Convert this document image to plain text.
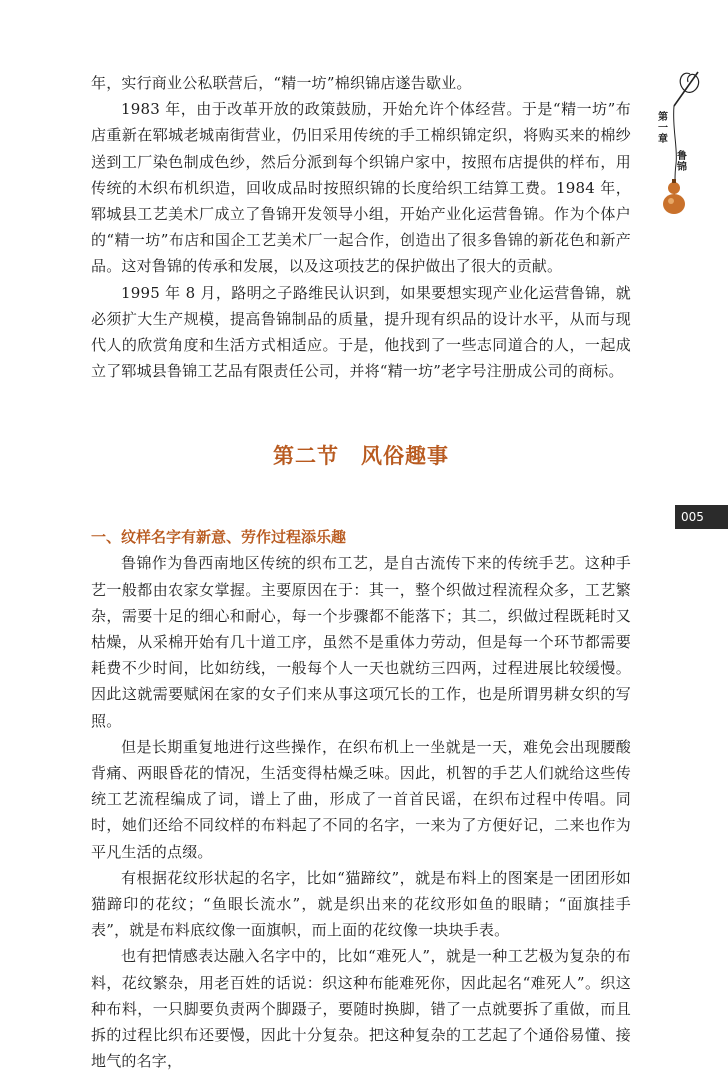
第一章
鲁锦
005

年，实行商业公私联营后，“精一坊”棉织锦店遂告歇业。

1983 年，由于改革开放的政策鼓励，开始允许个体经营。于是“精一坊”布店重新在郓城老城南街营业，仍旧采用传统的手工棉织锦定织，将购买来的棉纱送到工厂染色制成色纱，然后分派到每个织锦户家中，按照布店提供的样布，用传统的木织布机织造，回收成品时按照织锦的长度给织工结算工费。1984 年，郓城县工艺美术厂成立了鲁锦开发领导小组，开始产业化运营鲁锦。作为个体户的“精一坊”布店和国企工艺美术厂一起合作，创造出了很多鲁锦的新花色和新产品。这对鲁锦的传承和发展，以及这项技艺的保护做出了很大的贡献。

1995 年 8 月，路明之子路维民认识到，如果要想实现产业化运营鲁锦，就必须扩大生产规模，提高鲁锦制品的质量，提升现有织品的设计水平，从而与现代人的欣赏角度和生活方式相适应。于是，他找到了一些志同道合的人，一起成立了郓城县鲁锦工艺品有限责任公司，并将“精一坊”老字号注册成公司的商标。

第二节　风俗趣事

一、纹样名字有新意、劳作过程添乐趣

鲁锦作为鲁西南地区传统的织布工艺，是自古流传下来的传统手艺。这种手艺一般都由农家女掌握。主要原因在于：其一，整个织做过程流程众多，工艺繁杂，需要十足的细心和耐心，每一个步骤都不能落下；其二，织做过程既耗时又枯燥，从采棉开始有几十道工序，虽然不是重体力劳动，但是每一个环节都需要耗费不少时间，比如纺线，一般每个人一天也就纺三四两，过程进展比较缓慢。因此这就需要赋闲在家的女子们来从事这项冗长的工作，也是所谓男耕女织的写照。

但是长期重复地进行这些操作，在织布机上一坐就是一天，难免会出现腰酸背痛、两眼昏花的情况，生活变得枯燥乏味。因此，机智的手艺人们就给这些传统工艺流程编成了词，谱上了曲，形成了一首首民谣，在织布过程中传唱。同时，她们还给不同纹样的布料起了不同的名字，一来为了方便好记，二来也作为平凡生活的点缀。

有根据花纹形状起的名字，比如“猫蹄纹”，就是布料上的图案是一团团形如猫蹄印的花纹；“鱼眼长流水”，就是织出来的花纹形如鱼的眼睛；“面旗挂手表”，就是布料底纹像一面旗帜，而上面的花纹像一块块手表。

也有把情感表达融入名字中的，比如“难死人”，就是一种工艺极为复杂的布料，花纹繁杂，用老百姓的话说：织这种布能难死你，因此起名“难死人”。织这种布料，一只脚要负责两个脚蹑子，要随时换脚，错了一点就要拆了重做，而且拆的过程比织布还要慢，因此十分复杂。把这种复杂的工艺起了个通俗易懂、接地气的名字，
